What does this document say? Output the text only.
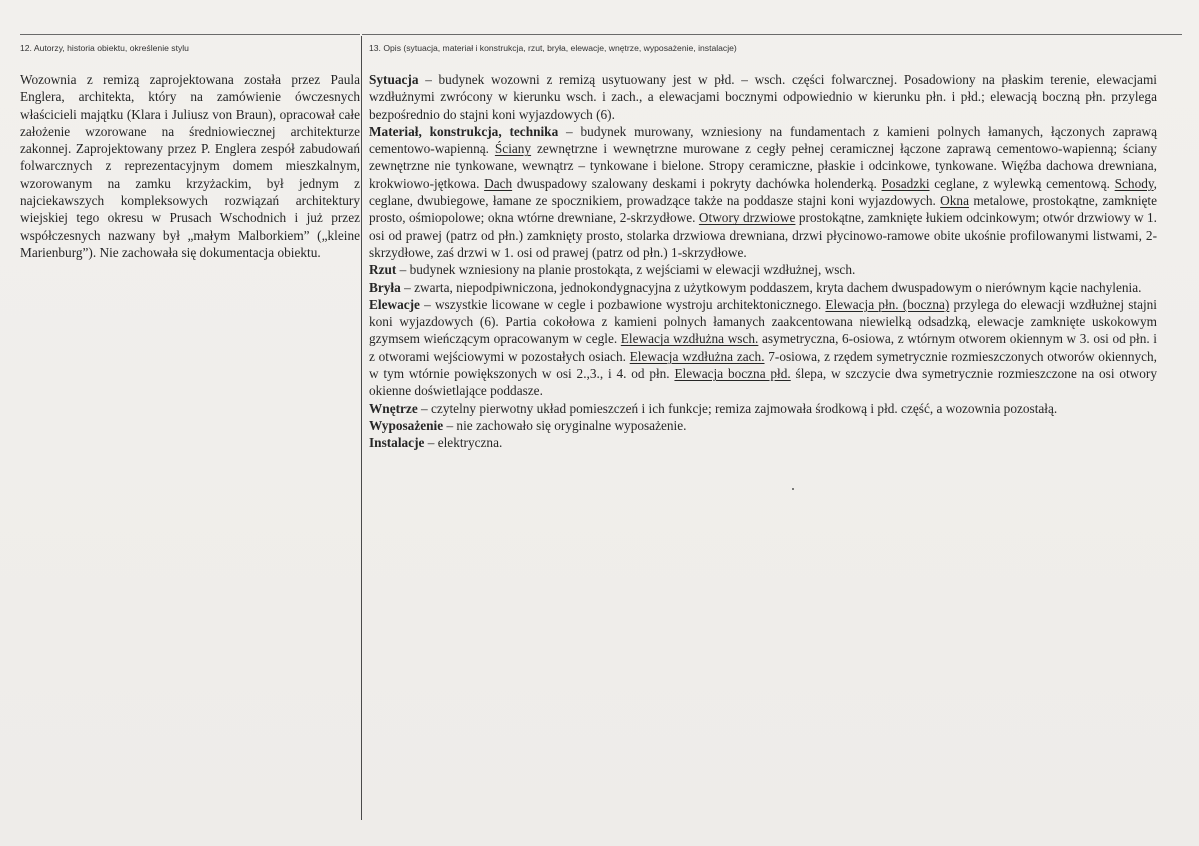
12. Autorzy, historia obiektu, określenie stylu	13. Opis (sytuacja, materiał i konstrukcja, rzut, bryła, elewacje, wnętrze, wyposażenie, instalacje)

Wozownia z remizą zaprojektowana została przez Paula Englera, architekta, który na zamówienie ówczesnych właścicieli majątku (Klara i Juliusz von Braun), opracował całe założenie wzorowane na średniowiecznej architekturze zakonnej. Zaprojektowany przez P. Englera zespół zabudowań folwarcznych z reprezentacyjnym domem mieszkalnym, wzorowanym na zamku krzyżackim, był jednym z najciekawszych kompleksowych rozwiązań architektury wiejskiej tego okresu w Prusach Wschodnich i już przez współczesnych nazwany był „małym Malborkiem” („kleine Marienburg”). Nie zachowała się dokumentacja obiektu.

Sytuacja – budynek wozowni z remizą usytuowany jest w płd. – wsch. części folwarcznej. Posadowiony na płaskim terenie, elewacjami wzdłużnymi zwrócony w kierunku wsch. i zach., a elewacjami bocznymi odpowiednio w kierunku płn. i płd.; elewacją boczną płn. przylega bezpośrednio do stajni koni wyjazdowych (6).

Materiał, konstrukcja, technika – budynek murowany, wzniesiony na fundamentach z kamieni polnych łamanych, łączonych zaprawą cementowo-wapienną. Ściany zewnętrzne i wewnętrzne murowane z cegły pełnej ceramicznej łączone zaprawą cementowo-wapienną; ściany zewnętrzne nie tynkowane, wewnątrz – tynkowane i bielone. Stropy ceramiczne, płaskie i odcinkowe, tynkowane. Więźba dachowa drewniana, krokwiowo-jętkowa. Dach dwuspadowy szalowany deskami i pokryty dachówka holenderką. Posadzki ceglane, z wylewką cementową. Schody, ceglane, dwubiegowe, łamane ze spocznikiem, prowadzące także na poddasze stajni koni wyjazdowych. Okna metalowe, prostokątne, zamknięte prosto, ośmiopolowe; okna wtórne drewniane, 2-skrzydłowe. Otwory drzwiowe prostokątne, zamknięte łukiem odcinkowym; otwór drzwiowy w 1. osi od prawej (patrz od płn.) zamknięty prosto, stolarka drzwiowa drewniana, drzwi płycinowo-ramowe obite ukośnie profilowanymi listwami, 2-skrzydłowe, zaś drzwi w 1. osi od prawej (patrz od płn.) 1-skrzydłowe.

Rzut – budynek wzniesiony na planie prostokąta, z wejściami w elewacji wzdłużnej, wsch.

Bryła – zwarta, niepodpiwniczona, jednokondygnacyjna z użytkowym poddaszem, kryta dachem dwuspadowym o nierównym kącie nachylenia.

Elewacje – wszystkie licowane w cegle i pozbawione wystroju architektonicznego. Elewacja płn. (boczna) przylega do elewacji wzdłużnej stajni koni wyjazdowych (6). Partia cokołowa z kamieni polnych łamanych zaakcentowana niewielką odsadzką, elewacje zamknięte uskokowym gzymsem wieńczącym opracowanym w cegle. Elewacja wzdłużna wsch. asymetryczna, 6-osiowa, z wtórnym otworem okiennym w 3. osi od płn. i z otworami wejściowymi w pozostałych osiach. Elewacja wzdłużna zach. 7-osiowa, z rzędem symetrycznie rozmieszczonych otworów okiennych, w tym wtórnie powiększonych w osi 2.,3., i 4. od płn. Elewacja boczna płd. ślepa, w szczycie dwa symetrycznie rozmieszczone na osi otwory okienne doświetlające poddasze.

Wnętrze – czytelny pierwotny układ pomieszczeń i ich funkcje; remiza zajmowała środkową i płd. część, a wozownia pozostałą.

Wyposażenie – nie zachowało się oryginalne wyposażenie.

Instalacje – elektryczna.
